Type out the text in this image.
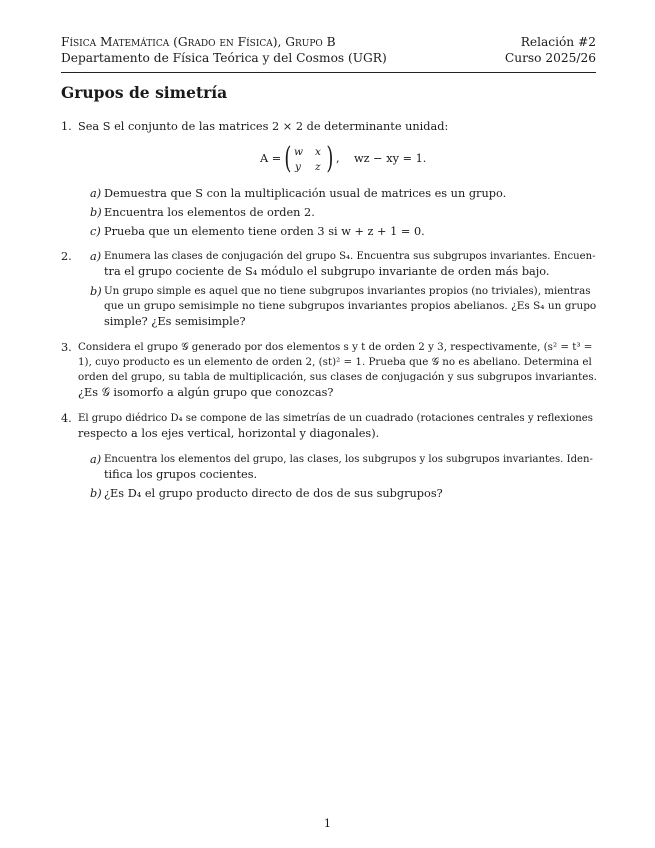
Física Matemática (Grado en Física), Grupo B	Relación #2
Departamento de Física Teórica y del Cosmos (UGR)	Curso 2025/26
Grupos de simetría
1. Sea S el conjunto de las matrices 2 × 2 de determinante unidad:
A = ( w x
y z ) ,    wz − xy = 1.
a) Demuestra que S con la multiplicación usual de matrices es un grupo.
b) Encuentra los elementos de orden 2.
c) Prueba que un elemento tiene orden 3 si w + z + 1 = 0.
2. a) Enumera las clases de conjugación del grupo S₄. Encuentra sus subgrupos invariantes. Encuen-
tra el grupo cociente de S₄ módulo el subgrupo invariante de orden más bajo.
b) Un grupo simple es aquel que no tiene subgrupos invariantes propios (no triviales), mientras
que un grupo semisimple no tiene subgrupos invariantes propios abelianos. ¿Es S₄ un grupo
simple? ¿Es semisimple?
3. Considera el grupo 𝒢 generado por dos elementos s y t de orden 2 y 3, respectivamente, (s² = t³ =
1), cuyo producto es un elemento de orden 2, (st)² = 1. Prueba que 𝒢 no es abeliano. Determina el
orden del grupo, su tabla de multiplicación, sus clases de conjugación y sus subgrupos invariantes.
¿Es 𝒢 isomorfo a algún grupo que conozcas?
4. El grupo diédrico D₄ se compone de las simetrías de un cuadrado (rotaciones centrales y reflexiones
respecto a los ejes vertical, horizontal y diagonales).
a) Encuentra los elementos del grupo, las clases, los subgrupos y los subgrupos invariantes. Iden-
tifica los grupos cocientes.
b) ¿Es D₄ el grupo producto directo de dos de sus subgrupos?
1
